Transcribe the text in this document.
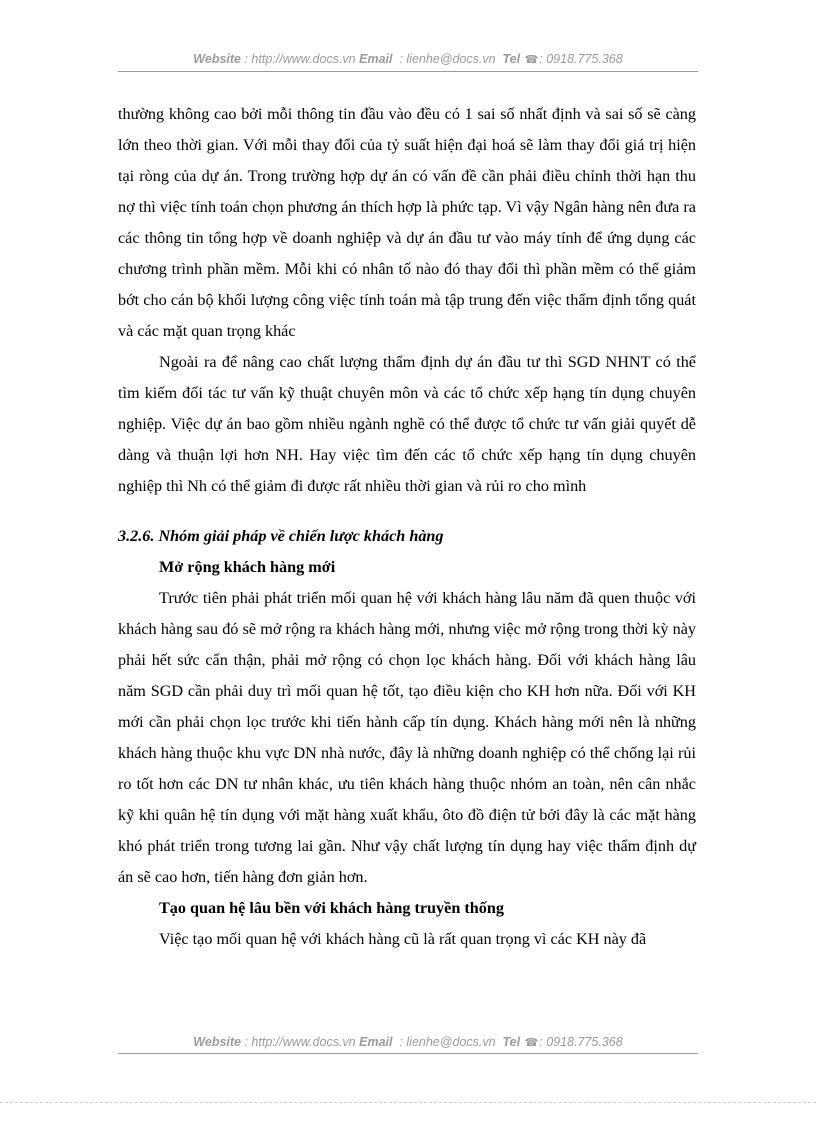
Website : http://www.docs.vn Email  : lienhe@docs.vn Tel ☎: 0918.775.368

thường không cao bởi mỗi thông tin đầu vào đều có 1 sai số nhất định và sai số sẽ càng lớn theo thời gian. Với mỗi thay đổi của tỷ suất hiện đại hoá sẽ làm thay đổi giá trị hiện tại ròng của dự án. Trong trường hợp dự án có vấn đề cần phải điều chỉnh thời hạn thu nợ thì việc tính toán chọn phương án thích hợp là phức tạp. Vì vậy Ngân hàng nên đưa ra các thông tin tổng hợp về doanh nghiệp và dự án đầu tư vào máy tính để ứng dụng các chương trình phần mềm. Mỗi khi có nhân tố nào đó thay đổi thì phần mềm có thể giảm bớt cho cán bộ khối lượng công việc tính toán mà tập trung đến việc thẩm định tổng quát và các mặt quan trọng khác

Ngoài ra để nâng cao chất lượng thẩm định dự án đầu tư thì SGD NHNT có thể tìm kiếm đối tác tư vấn kỹ thuật chuyên môn và các tổ chức xếp hạng tín dụng chuyên nghiệp. Việc dự án bao gồm nhiều ngành nghề có thể được tổ chức tư vấn giải quyết dễ dàng và thuận lợi hơn NH. Hay việc tìm đến các tổ chức xếp hạng tín dụng chuyên nghiệp thì Nh có thể giảm đi được rất nhiều thời gian và rủi ro cho mình

3.2.6. Nhóm giải pháp về chiến lược khách hàng

Mở rộng khách hàng mới

Trước tiên phải phát triển mối quan hệ với khách hàng lâu năm đã quen thuộc với khách hàng sau đó sẽ mở rộng ra khách hàng mới, nhưng việc mở rộng trong thời kỳ này phải hết sức cẩn thận, phải mở rộng có chọn lọc khách hàng. Đối với khách hàng lâu năm SGD cần phải duy trì mối quan hệ tốt, tạo điều kiện cho KH hơn nữa. Đối với KH mới cần phải chọn lọc trước khi tiến hành cấp tín dụng. Khách hàng mới nên là những khách hàng thuộc khu vực DN nhà nước, đây là những doanh nghiệp có thể chống lại rủi ro tốt hơn các DN tư nhân khác, ưu tiên khách hàng thuộc nhóm an toàn, nên cân nhắc kỹ khi quân hệ tín dụng với mặt hàng xuất khẩu, ôto đồ điện tử bởi đây là các mặt hàng khó phát triển trong tương lai gần. Như vậy chất lượng tín dụng hay việc thẩm định dự án sẽ cao hơn, tiến hàng đơn giản hơn.

Tạo quan hệ lâu bền với khách hàng truyền thống

Việc tạo mối quan hệ với khách hàng cũ là rất quan trọng vì các KH này đã

Website : http://www.docs.vn Email  : lienhe@docs.vn Tel ☎: 0918.775.368
